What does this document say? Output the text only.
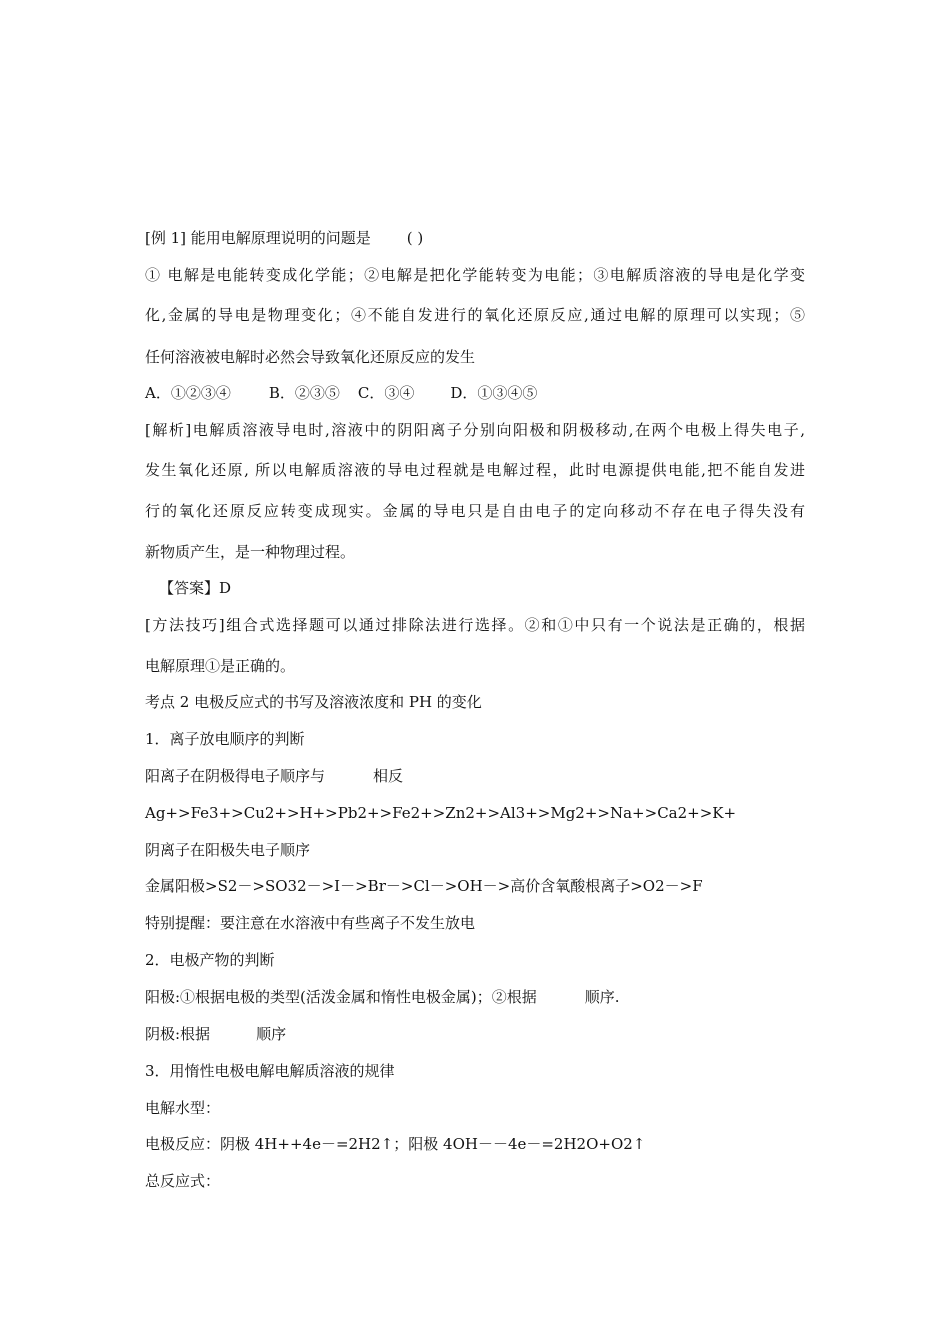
[例 1] 能用电解原理说明的问题是 ( )
① 电解是电能转变成化学能；②电解是把化学能转变为电能；③电解质溶液的导电是化学变
化,金属的导电是物理变化；④不能自发进行的氧化还原反应,通过电解的原理可以实现；⑤
任何溶液被电解时必然会导致氧化还原反应的发生
A．①②③④	B．②③⑤ C．③④ D．①③④⑤
[解析]电解质溶液导电时,溶液中的阴阳离子分别向阳极和阴极移动,在两个电极上得失电子,
发生氧化还原, 所以电解质溶液的导电过程就是电解过程，此时电源提供电能,把不能自发进
行的氧化还原反应转变成现实。金属的导电只是自由电子的定向移动不存在电子得失没有
新物质产生，是一种物理过程。
【答案】D
[方法技巧]组合式选择题可以通过排除法进行选择。②和①中只有一个说法是正确的，根据
电解原理①是正确的。
考点 2 电极反应式的书写及溶液浓度和 PH 的变化
1．离子放电顺序的判断
阳离子在阴极得电子顺序与	相反
Ag+>Fe3+>Cu2+>H+>Pb2+>Fe2+>Zn2+>Al3+>Mg2+>Na+>Ca2+>K+
阴离子在阳极失电子顺序
金属阳极>S2－>SO32－>I－>Br－>Cl－>OH－>高价含氧酸根离子>O2－>F
特别提醒：要注意在水溶液中有些离子不发生放电
2．电极产物的判断
阳极:①根据电极的类型(活泼金属和惰性电极金属)；②根据	顺序.
阴极:根据	顺序
3．用惰性电极电解电解质溶液的规律
电解水型：
电极反应：阴极 4H++4e－=2H2↑；阳极 4OH－－4e－=2H2O+O2↑
总反应式：
